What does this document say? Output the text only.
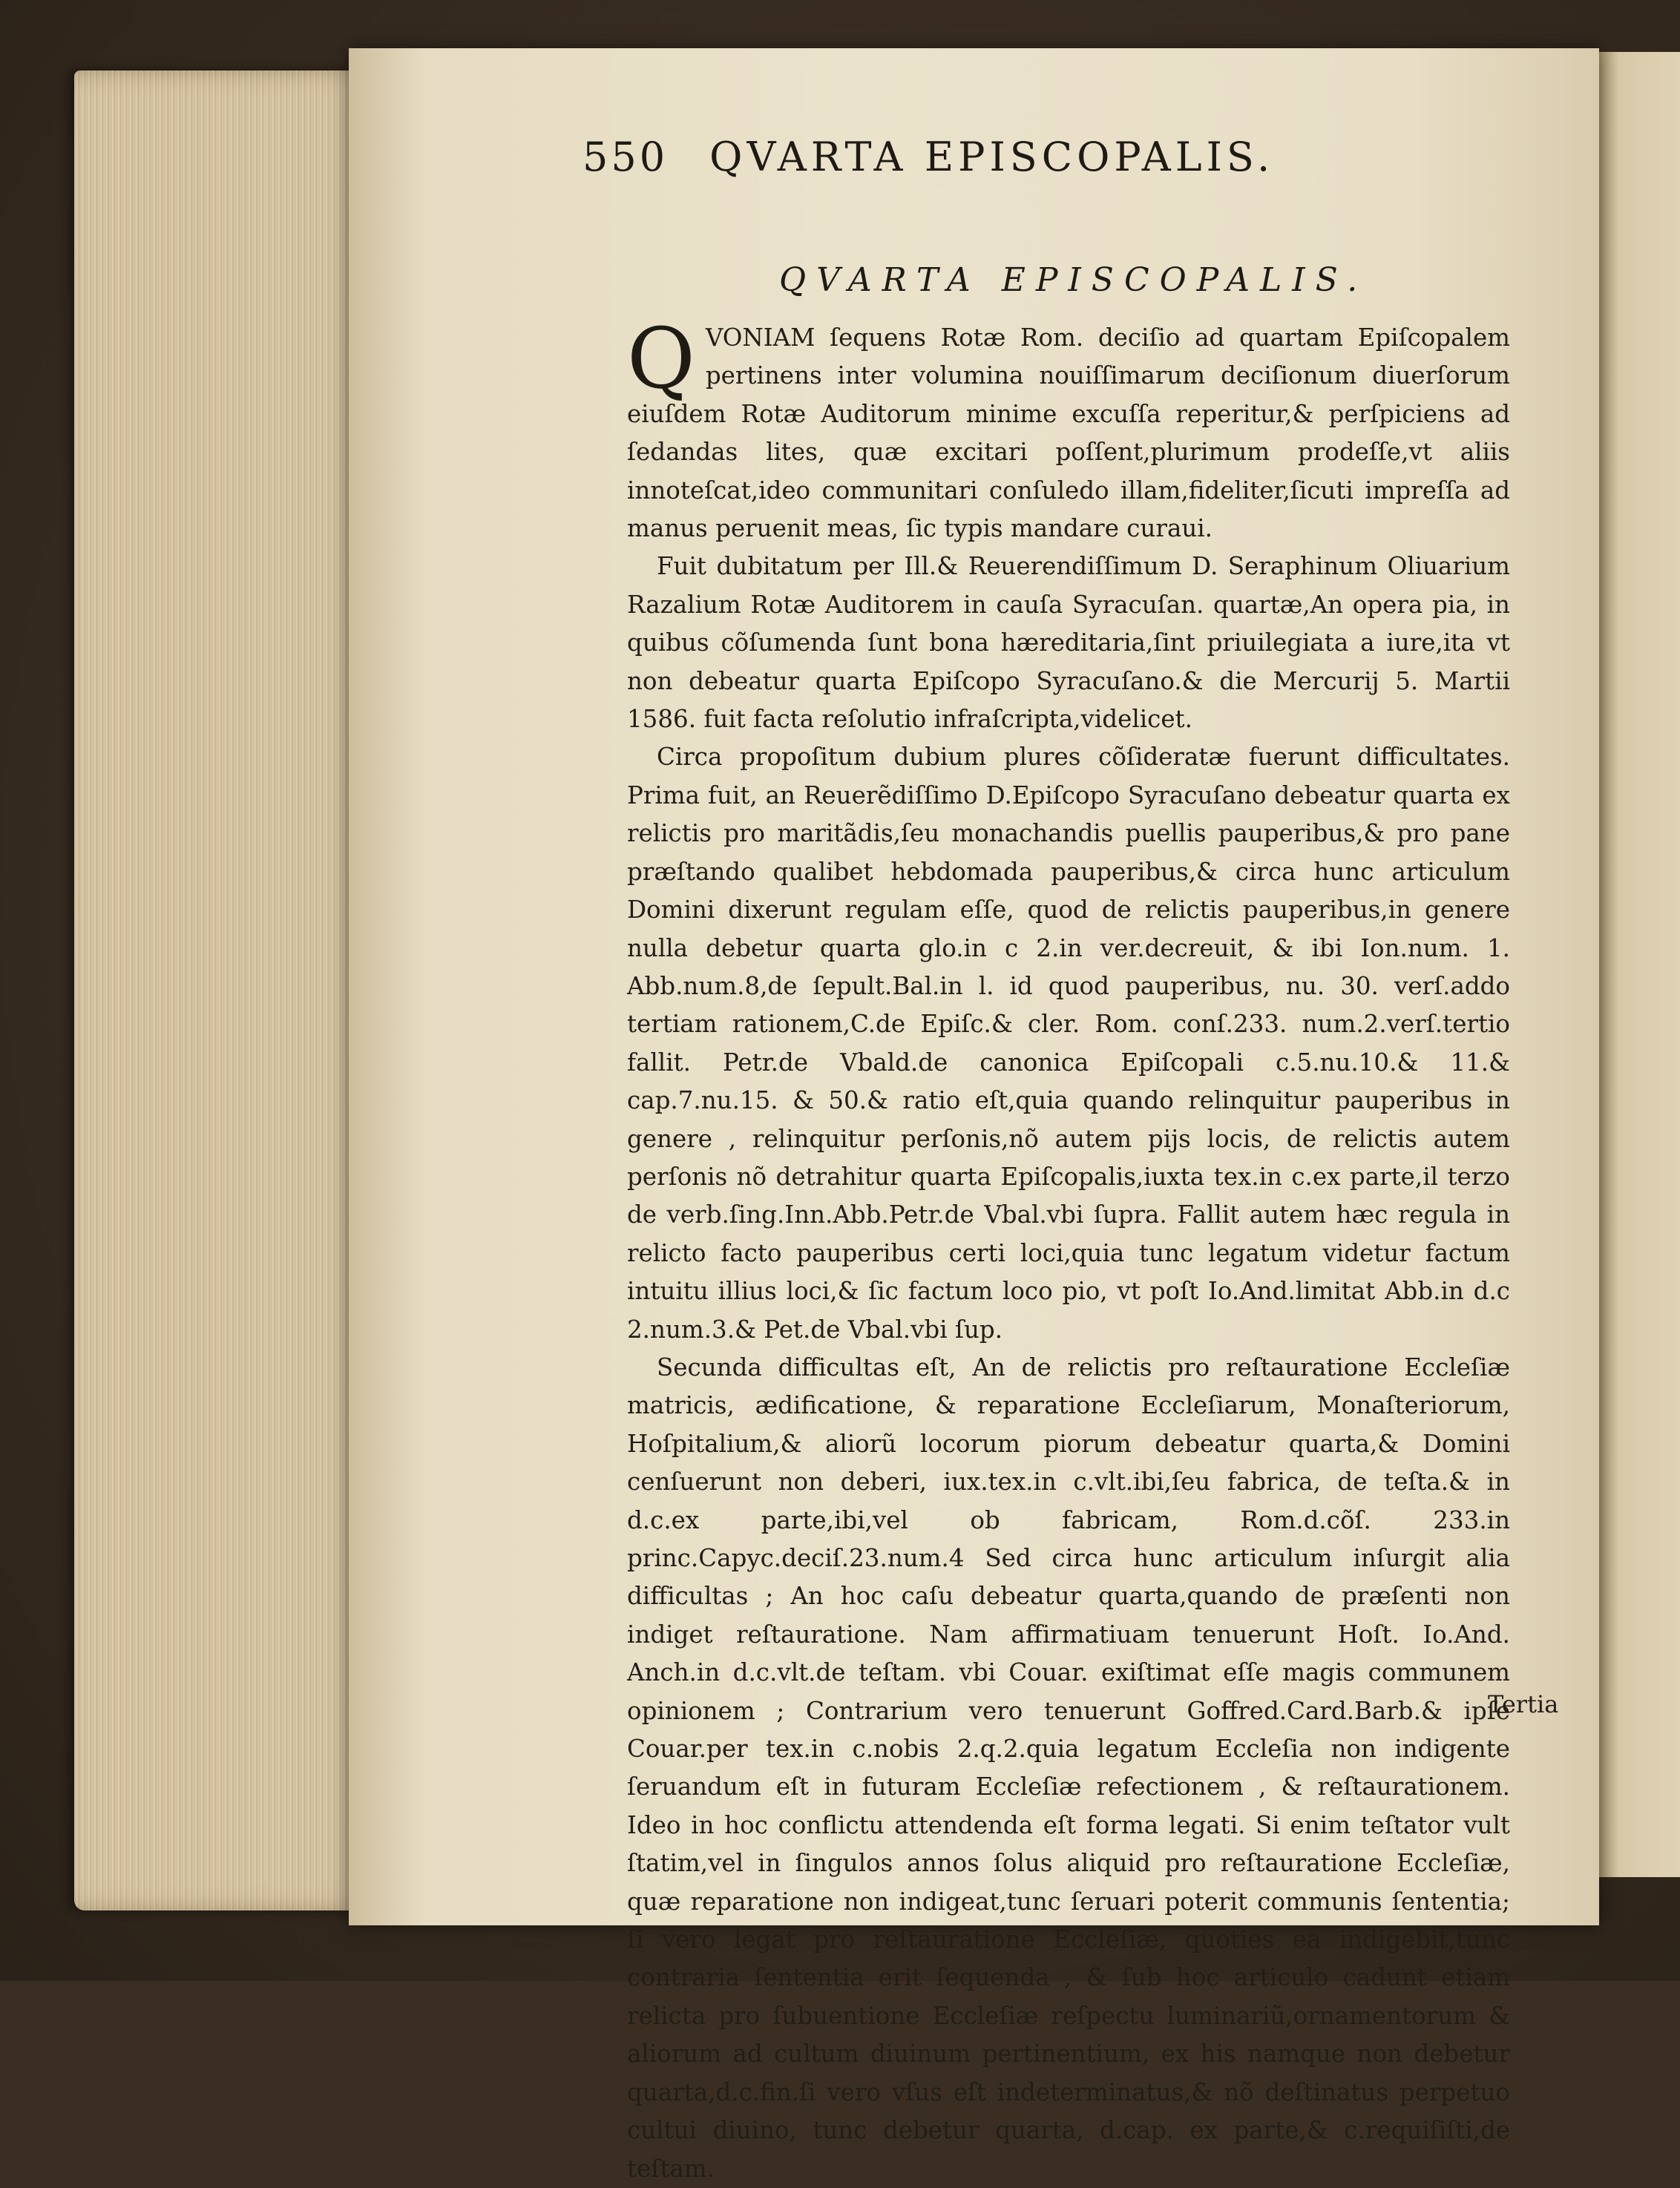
550 QVARTA EPISCOPALIS.
QVARTA EPISCOPALIS.

QVONIAM ſequens Rotæ Rom. deciſio ad quartam Epiſcopalem pertinens inter volumina nouiſſimarum deciſionum diuerſorum eiuſdem Rotæ Auditorum minime excuſſa reperitur,& perſpiciens ad ſedandas lites, quæ excitari poſſent,plurimum prodeſſe,vt aliis innoteſcat,ideo communitari conſuledo illam,fideliter,ſicuti impreſſa ad manus peruenit meas, ſic typis mandare curaui.

Fuit dubitatum per Ill.& Reuerendiſſimum D. Seraphinum Oliuarium Razalium Rotæ Auditorem in cauſa Syracuſan. quartæ,An opera pia, in quibus cõſumenda ſunt bona hæreditaria,ſint priuilegiata a iure,ita vt non debeatur quarta Epiſcopo Syracuſano.& die Mercurij 5. Martii 1586. fuit facta reſolutio infraſcripta,videlicet.

Circa propoſitum dubium plures cõſideratæ fuerunt difficultates. Prima fuit, an Reuerẽdiſſimo D.Epiſcopo Syracuſano debeatur quarta ex relictis pro maritãdis,ſeu monachandis puellis pauperibus,& pro pane præſtando qualibet hebdomada pauperibus,& circa hunc articulum Domini dixerunt regulam eſſe, quod de relictis pauperibus,in genere nulla debetur quarta glo.in c 2.in ver.decreuit, & ibi Ion.num. 1. Abb.num.8,de ſepult.Bal.in l. id quod pauperibus, nu. 30. verſ.addo tertiam rationem,C.de Epiſc.& cler. Rom. conſ.233. num.2.verſ.tertio fallit. Petr.de Vbald.de canonica Epiſcopali c.5.nu.10.& 11.& cap.7.nu.15. & 50.& ratio eſt,quia quando relinquitur pauperibus in genere , relinquitur perſonis,nõ autem pijs locis, de relictis autem perſonis nõ detrahitur quarta Epiſcopalis,iuxta tex.in c.ex parte,il terzo de verb.ſing.Inn.Abb.Petr.de Vbal.vbi ſupra. Fallit autem hæc regula in relicto facto pauperibus certi loci,quia tunc legatum videtur factum intuitu illius loci,& ſic factum loco pio, vt poſt Io.And.limitat Abb.in d.c 2.num.3.& Pet.de Vbal.vbi ſup.

Secunda difficultas eſt, An de relictis pro reſtauratione Eccleſiæ matricis, ædificatione, & reparatione Eccleſiarum, Monaſteriorum, Hoſpitalium,& aliorũ locorum piorum debeatur quarta,& Domini cenſuerunt non deberi, iux.tex.in c.vlt.ibi,ſeu fabrica, de teſta.& in d.c.ex parte,ibi,vel ob fabricam, Rom.d.cõſ. 233.in princ.Capyc.deciſ.23.num.4 Sed circa hunc articulum inſurgit alia difficultas ; An hoc caſu debeatur quarta,quando de præſenti non indiget reſtauratione. Nam affirmatiuam tenuerunt Hoſt. Io.And. Anch.in d.c.vlt.de teſtam. vbi Couar. exiſtimat eſſe magis communem opinionem ; Contrarium vero tenuerunt Goffred.Card.Barb.& ipſe Couar.per tex.in c.nobis 2.q.2.quia legatum Eccleſia non indigente ſeruandum eſt in futuram Eccleſiæ refectionem , & reſtaurationem. Ideo in hoc conflictu attendenda eſt forma legati. Si enim teſtator vult ſtatim,vel in ſingulos annos ſolus aliquid pro reſtauratione Eccleſiæ, quæ reparatione non indigeat,tunc ſeruari poterit communis ſententia; ſi vero legat pro reſtauratione Eccleſiæ, quoties ea indigebit,tunc contraria ſententia erit ſequenda , & ſub hoc articulo cadunt etiam relicta pro ſubuentione Eccleſiæ reſpectu luminariũ,ornamentorum & aliorum ad cultum diuinum pertinentium, ex his namque non debetur quarta,d.c.fin.ſi vero vſus eſt indeterminatus,& nõ deſtinatus perpetuo cultui diuino, tunc debetur quarta, d.cap. ex parte,& c.requiſiſti,de teſtam.

Tertia
